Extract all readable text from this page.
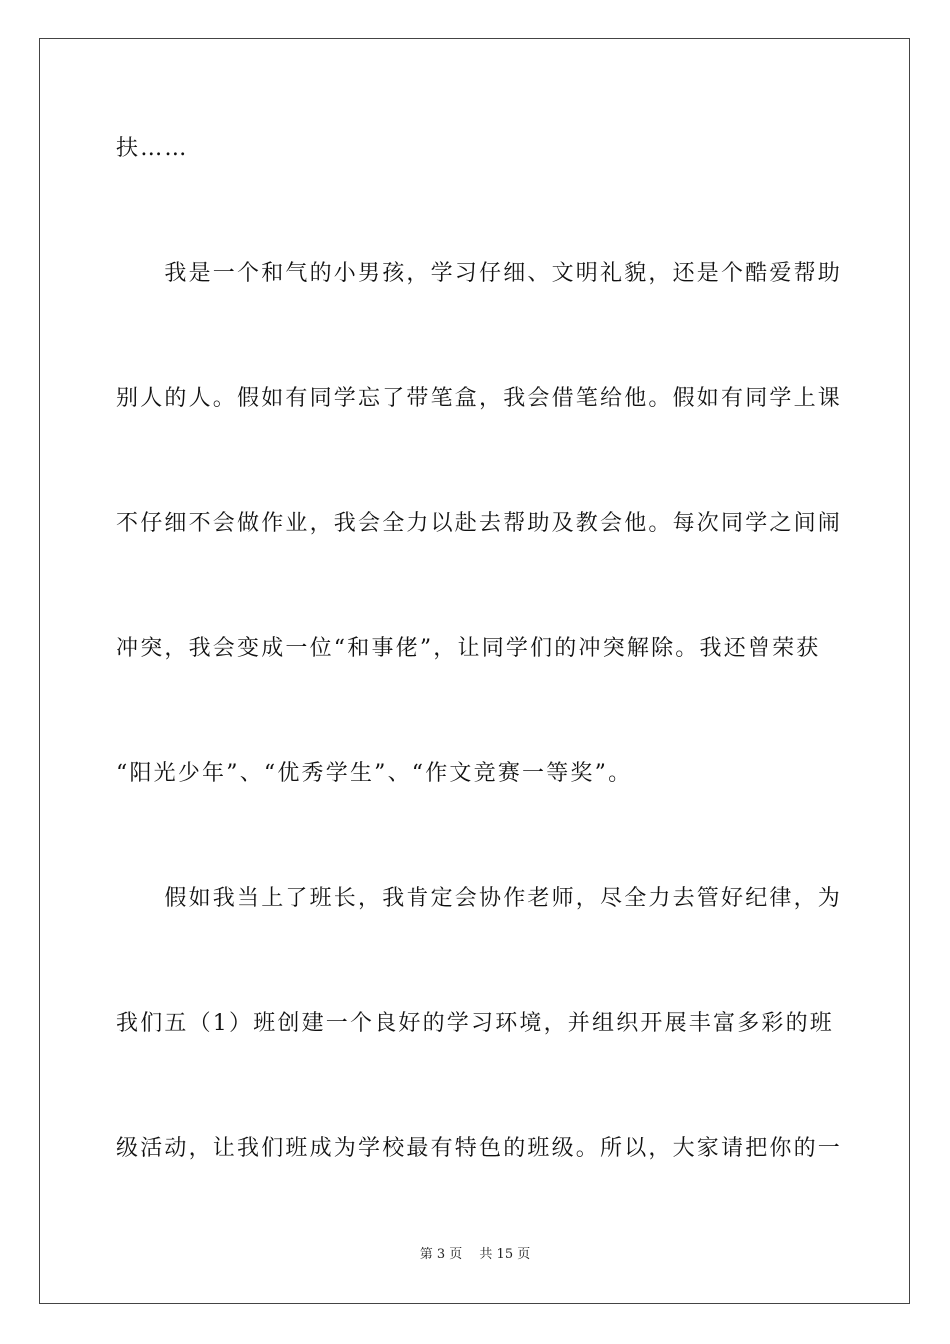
扶……
　　我是一个和气的小男孩，学习仔细、文明礼貌，还是个酷爱帮助
别人的人。假如有同学忘了带笔盒，我会借笔给他。假如有同学上课
不仔细不会做作业，我会全力以赴去帮助及教会他。每次同学之间闹
冲突，我会变成一位“和事佬”，让同学们的冲突解除。我还曾荣获
“阳光少年”、“优秀学生”、“作文竞赛一等奖”。
　　假如我当上了班长，我肯定会协作老师，尽全力去管好纪律，为
我们五（1）班创建一个良好的学习环境，并组织开展丰富多彩的班
级活动，让我们班成为学校最有特色的班级。所以，大家请把你的一
第 3 页　 共 15 页
